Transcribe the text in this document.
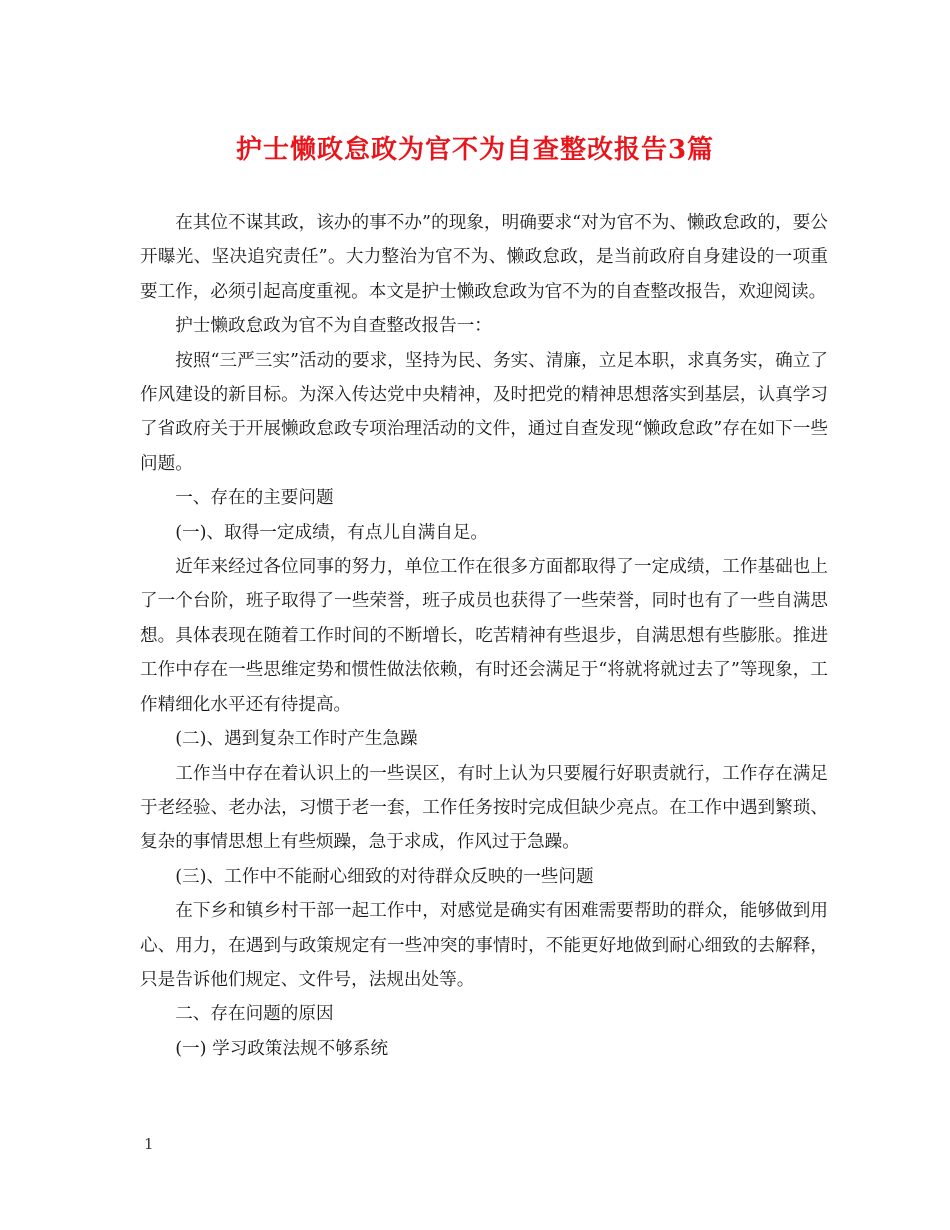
护士懒政怠政为官不为自查整改报告3篇

在其位不谋其政，该办的事不办”的现象，明确要求“对为官不为、懒政怠政的，要公开曝光、坚决追究责任”。大力整治为官不为、懒政怠政，是当前政府自身建设的一项重要工作，必须引起高度重视。本文是护士懒政怠政为官不为的自查整改报告，欢迎阅读。

护士懒政怠政为官不为自查整改报告一：

按照“三严三实”活动的要求，坚持为民、务实、清廉，立足本职，求真务实，确立了作风建设的新目标。为深入传达党中央精神，及时把党的精神思想落实到基层，认真学习了省政府关于开展懒政怠政专项治理活动的文件，通过自查发现“懒政怠政”存在如下一些问题。

一、存在的主要问题

(一)、取得一定成绩，有点儿自满自足。

近年来经过各位同事的努力，单位工作在很多方面都取得了一定成绩，工作基础也上了一个台阶，班子取得了一些荣誉，班子成员也获得了一些荣誉，同时也有了一些自满思想。具体表现在随着工作时间的不断增长，吃苦精神有些退步，自满思想有些膨胀。推进工作中存在一些思维定势和惯性做法依赖，有时还会满足于“将就将就过去了”等现象，工作精细化水平还有待提高。

(二)、遇到复杂工作时产生急躁

工作当中存在着认识上的一些误区，有时上认为只要履行好职责就行，工作存在满足于老经验、老办法，习惯于老一套，工作任务按时完成但缺少亮点。在工作中遇到繁琐、复杂的事情思想上有些烦躁，急于求成，作风过于急躁。

(三)、工作中不能耐心细致的对待群众反映的一些问题

在下乡和镇乡村干部一起工作中，对感觉是确实有困难需要帮助的群众，能够做到用心、用力，在遇到与政策规定有一些冲突的事情时，不能更好地做到耐心细致的去解释，只是告诉他们规定、文件号，法规出处等。

二、存在问题的原因

(一) 学习政策法规不够系统

1
